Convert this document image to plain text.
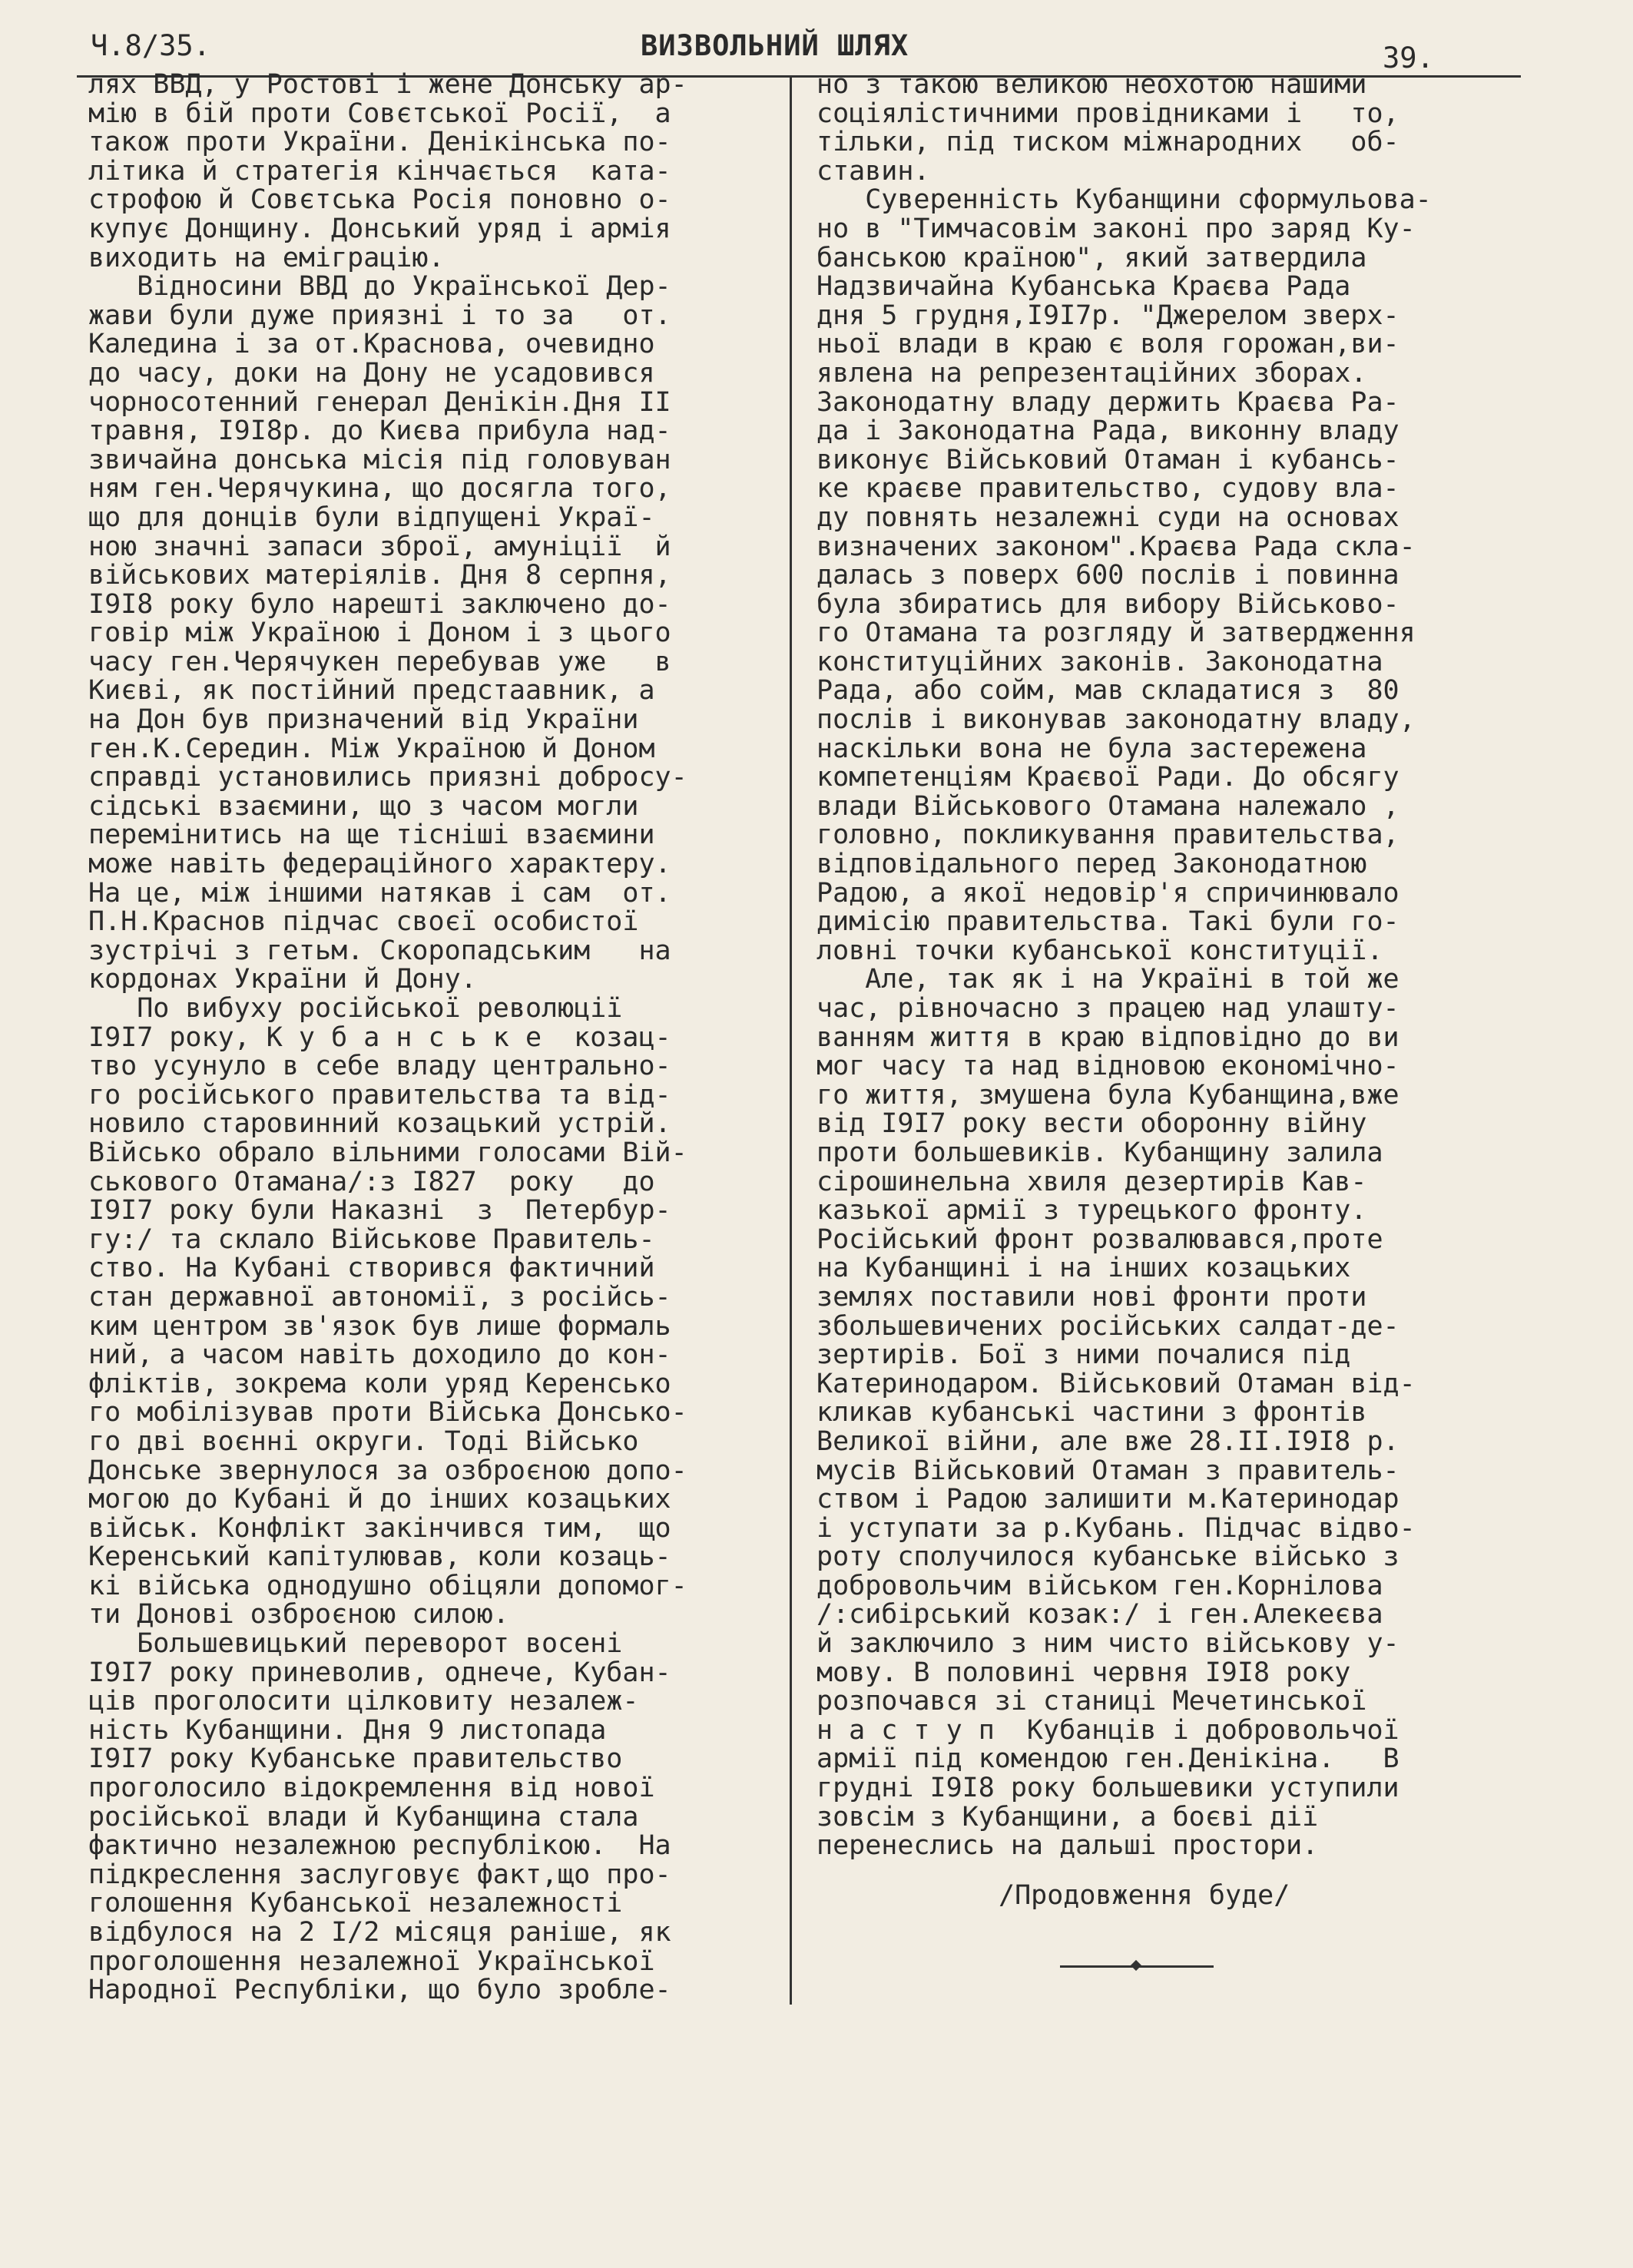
Ч.8/35.	ВИЗВОЛЬНИЙ ШЛЯХ	39.
лях ВВД, у Ростові і жене Донську ар-
мію в бій проти Совєтської Росії,  а
також проти України. Денікінська по-
літика й стратегія кінчається  ката-
строфою й Совєтська Росія поновно о-
купує Донщину. Донський уряд і армія
виходить на еміграцію.
Відносини ВВД до Української Дер-
жави були дуже приязні і то за   от.
Каледина і за от.Краснова, очевидно
до часу, доки на Дону не усадовився
чорносотенний генерал Денікін.Дня II
травня, I9I8р. до Києва прибула над-
звичайна донська місія під головуван
ням ген.Черячукина, що досягла того,
що для донців були відпущені Украї-
ною значні запаси зброї, амуніції  й
військових матеріялів. Дня 8 серпня,
I9I8 року було нарешті заключено до-
говір між Україною і Доном і з цього
часу ген.Черячукен перебував уже   в
Києві, як постійний предстаавник, а
на Дон був призначений від України
ген.К.Середин. Між Україною й Доном
справді установились приязні добросу-
сідські взаємини, що з часом могли
перемінитись на ще тісніші взаємини
може навіть федераційного характеру.
На це, між іншими натякав і сам  от.
П.Н.Краснов підчас своєї особистої
зустрічі з гетьм. Скоропадським   на
кордонах України й Дону.
По вибуху російської революції
I9I7 року, К у б а н с ь к е  козац-
тво усунуло в себе владу центрально-
го російського правительства та від-
новило старовинний козацький устрій.
Військо обрало вільними голосами Вій-
ськового Отамана/:з I827  року   до
I9I7 року були Наказні  з  Петербур-
гу:/ та склало Військове Правитель-
ство. На Кубані створився фактичний
стан державної автономії, з російсь-
ким центром зв'язок був лише формаль
ний, а часом навіть доходило до кон-
фліктів, зокрема коли уряд Керенсько
го мобілізував проти Війська Донсько-
го дві воєнні округи. Тоді Військо
Донське звернулося за озброєною допо-
могою до Кубані й до інших козацьких
військ. Конфлікт закінчився тим,  що
Керенський капітулював, коли козаць-
кі війська однодушно обіцяли допомог-
ти Донові озброєною силою.
Большевицький переворот восені
I9I7 року приневолив, однече, Кубан-
ців проголосити цілковиту незалеж-
ність Кубанщини. Дня 9 листопада
I9I7 року Кубанське правительство
проголосило відокремлення від нової
російської влади й Кубанщина стала
фактично незалежною республікою.  На
підкреслення заслуговує факт,що про-
голошення Кубанської незалежності
відбулося на 2 I/2 місяця раніше, як
проголошення незалежної Української
Народної Республіки, що було зробле-
но з такою великою неохотою нашими
соціялістичними провідниками і   то,
тільки, під тиском міжнародних   об-
ставин.
Суверенність Кубанщини сформульова-
но в "Тимчасовім законі про заряд Ку-
банською країною", який затвердила
Надзвичайна Кубанська Краєва Рада
дня 5 грудня,I9I7р. "Джерелом зверх-
ньої влади в краю є воля горожан,ви-
явлена на репрезентаційних зборах.
Законодатну владу держить Краєва Ра-
да і Законодатна Рада, виконну владу
виконує Військовий Отаман і кубансь-
ке краєве правительство, судову вла-
ду повнять незалежні суди на основах
визначених законом".Краєва Рада скла-
далась з поверх 600 послів і повинна
була збиратись для вибору Військово-
го Отамана та розгляду й затвердження
конституційних законів. Законодатна
Рада, або сойм, мав складатися з  80
послів і виконував законодатну владу,
наскільки вона не була застережена
компетенціям Краєвої Ради. До обсягу
влади Військового Отамана належало ,
головно, покликування правительства,
відповідального перед Законодатною
Радою, а якої недовір'я спричинювало
димісію правительства. Такі були го-
ловні точки кубанської конституції.
Але, так як і на Україні в той же
час, рівночасно з працею над улашту-
ванням життя в краю відповідно до ви
мог часу та над відновою економічно-
го життя, змушена була Кубанщина,вже
від I9I7 року вести оборонну війну
проти большевиків. Кубанщину залила
сірошинельна хвиля дезертирів Кав-
казької армії з турецького фронту.
Російський фронт розвалювався,проте
на Кубанщині і на інших козацьких
землях поставили нові фронти проти
збольшевичених російських салдат-де-
зертирів. Бої з ними почалися під
Катеринодаром. Військовий Отаман від-
кликав кубанські частини з фронтів
Великої війни, але вже 28.II.I9I8 р.
мусів Військовий Отаман з правитель-
ством і Радою залишити м.Катеринодар
і уступати за р.Кубань. Підчас відво-
роту сполучилося кубанське військо з
добровольчим військом ген.Корнілова
/:сибірський козак:/ і ген.Алекеєва
й заключило з ним чисто військову у-
мову. В половині червня I9I8 року
розпочався зі станиці Мечетинської
н а с т у п  Кубанців і добровольчої
армії під комендою ген.Денікіна.   В
грудні I9I8 року большевики уступили
зовсім з Кубанщини, а боєві дії
перенеслись на дальші простори.
/Продовження буде/
